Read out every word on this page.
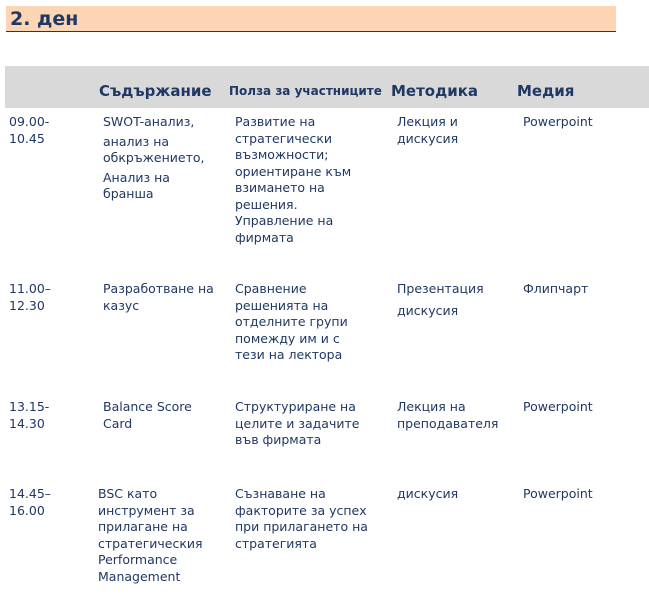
2. ден
Съдържание Полза за участниците Методика	Медия
09.00-
10.45
SWOT-анализ,
анализ на
обкръжението,
Анализ на
бранша
Развитие на
стратегически
възможности;
ориентиране към
взимането на
решения.
Управление на
фирмата
Лекция и
дискусия
Powerpoint
11.00–
12.30
Разработване на
казус
Сравнение
решенията на
отделните групи
помежду им и с
тези на лектора
Презентация
дискусия
Флипчарт
13.15-
14.30
Balance Score
Card
Структуриране на
целите и задачите
във фирмата
Лекция на
преподавателя
Powerpoint
14.45–
16.00
BSC като
инструмент за
прилагане на
стратегическия
Performance
Management
Съзнаване на
факторите за успех
при прилагането на
стратегията
дискусия	Powerpoint
